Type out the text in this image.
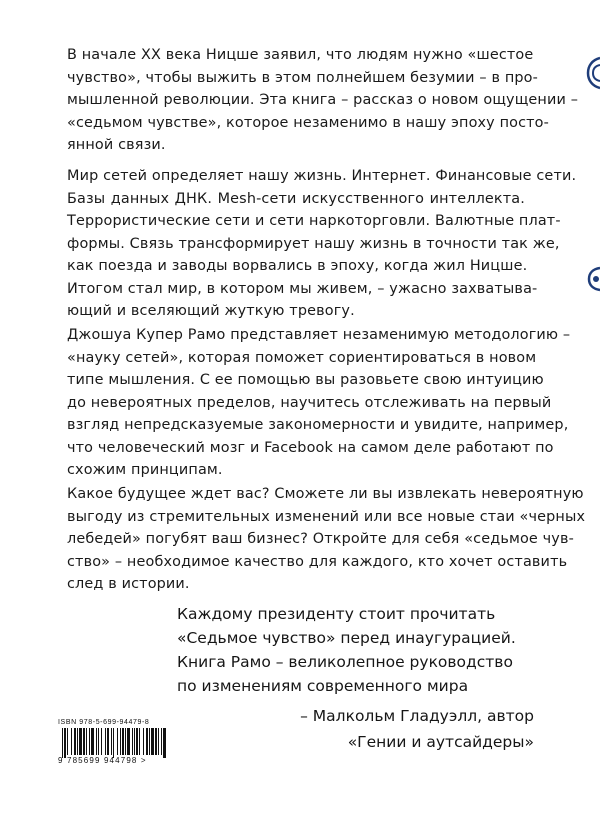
В начале XX века Ницше заявил, что людям нужно «шестое
чувство», чтобы выжить в этом полнейшем безумии – в про-
мышленной революции. Эта книга – рассказ о новом ощущении –
«седьмом чувстве», которое незаменимо в нашу эпоху посто-
янной связи.
Мир сетей определяет нашу жизнь. Интернет. Финансовые сети.
Базы данных ДНК. Mesh-сети искусственного интеллекта.
Террористические сети и сети наркоторговли. Валютные плат-
формы. Связь трансформирует нашу жизнь в точности так же,
как поезда и заводы ворвались в эпоху, когда жил Ницше.
Итогом стал мир, в котором мы живем, – ужасно захватыва-
ющий и вселяющий жуткую тревогу.
Джошуа Купер Рамо представляет незаменимую методологию –
«науку сетей», которая поможет сориентироваться в новом
типе мышления. С ее помощью вы разовьете свою интуицию
до невероятных пределов, научитесь отслеживать на первый
взгляд непредсказуемые закономерности и увидите, например,
что человеческий мозг и Facebook на самом деле работают по
схожим принципам.
Какое будущее ждет вас? Сможете ли вы извлекать невероятную
выгоду из стремительных изменений или все новые стаи «черных
лебедей» погубят ваш бизнес? Откройте для себя «седьмое чув-
ство» – необходимое качество для каждого, кто хочет оставить
след в истории.
Каждому президенту стоит прочитать
«Седьмое чувство» перед инаугурацией.
Книга Рамо – великолепное руководство
по изменениям современного мира
– Малкольм Гладуэлл, автор
«Гении и аутсайдеры»
ISBN 978-5-699-94479-8
9 785699 944798 >
